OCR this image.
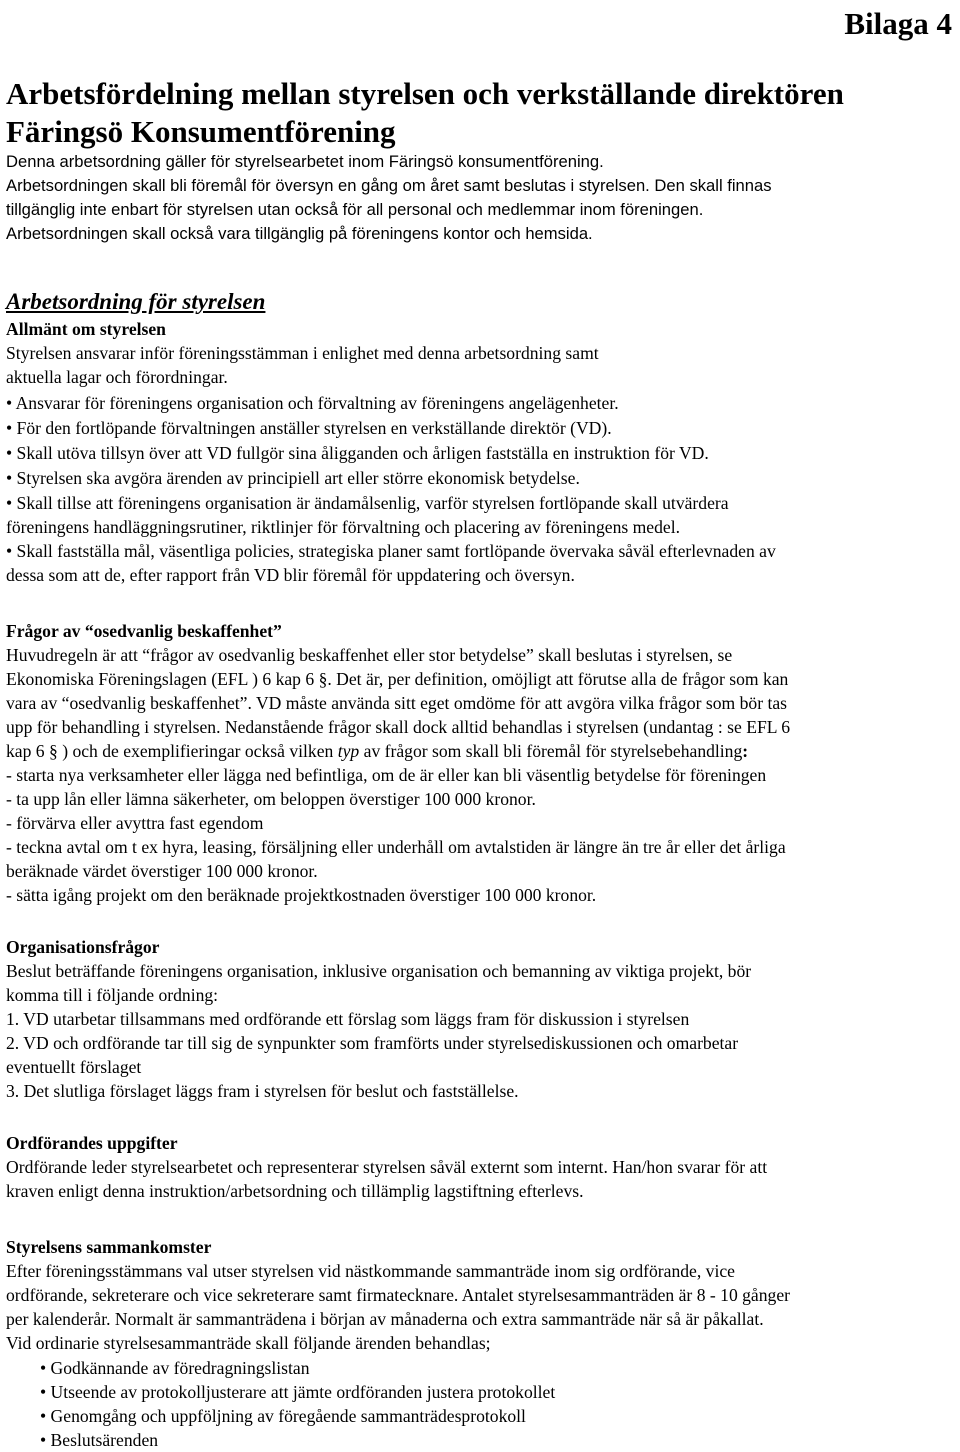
Bilaga 4
Arbetsfördelning mellan styrelsen och verkställande direktören
Färingsö Konsumentförening
Denna arbetsordning gäller för styrelsearbetet inom Färingsö konsumentförening.
Arbetsordningen skall bli föremål för översyn en gång om året samt beslutas i styrelsen. Den skall finnas
tillgänglig inte enbart för styrelsen utan också för all personal och medlemmar inom föreningen.
Arbetsordningen skall också vara tillgänglig på föreningens kontor och hemsida.
Arbetsordning för styrelsen
Allmänt om styrelsen
Styrelsen ansvarar inför föreningsstämman i enlighet med denna arbetsordning samt
aktuella lagar och förordningar.
• Ansvarar för föreningens organisation och förvaltning av föreningens angelägenheter.
• För den fortlöpande förvaltningen anställer styrelsen en verkställande direktör (VD).
• Skall utöva tillsyn över att VD fullgör sina åligganden och årligen fastställa en instruktion för VD.
• Styrelsen ska avgöra ärenden av principiell art eller större ekonomisk betydelse.
• Skall tillse att föreningens organisation är ändamålsenlig, varför styrelsen fortlöpande skall utvärdera
föreningens handläggningsrutiner, riktlinjer för förvaltning och placering av föreningens medel.
• Skall fastställa mål, väsentliga policies, strategiska planer samt fortlöpande övervaka såväl efterlevnaden av
dessa som att de, efter rapport från VD blir föremål för uppdatering och översyn.
Frågor av “osedvanlig beskaffenhet”
Huvudregeln är att “frågor av osedvanlig beskaffenhet eller stor betydelse” skall beslutas i styrelsen, se
Ekonomiska Föreningslagen (EFL ) 6 kap 6 §. Det är, per definition, omöjligt att förutse alla de frågor som kan
vara av “osedvanlig beskaffenhet”. VD måste använda sitt eget omdöme för att avgöra vilka frågor som bör tas
upp för behandling i styrelsen. Nedanstående frågor skall dock alltid behandlas i styrelsen (undantag : se EFL 6
kap 6 § ) och de exemplifieringar också vilken typ av frågor som skall bli föremål för styrelsebehandling:
- starta nya verksamheter eller lägga ned befintliga, om de är eller kan bli väsentlig betydelse för föreningen
- ta upp lån eller lämna säkerheter, om beloppen överstiger 100 000 kronor.
- förvärva eller avyttra fast egendom
- teckna avtal om t ex hyra, leasing, försäljning eller underhåll om avtalstiden är längre än tre år eller det årliga
beräknade värdet överstiger 100 000 kronor.
- sätta igång projekt om den beräknade projektkostnaden överstiger 100 000 kronor.
Organisationsfrågor
Beslut beträffande föreningens organisation, inklusive organisation och bemanning av viktiga projekt, bör
komma till i följande ordning:
1. VD utarbetar tillsammans med ordförande ett förslag som läggs fram för diskussion i styrelsen
2. VD och ordförande tar till sig de synpunkter som framförts under styrelsediskussionen och omarbetar
eventuellt förslaget
3. Det slutliga förslaget läggs fram i styrelsen för beslut och fastställelse.
Ordförandes uppgifter
Ordförande leder styrelsearbetet och representerar styrelsen såväl externt som internt. Han/hon svarar för att
kraven enligt denna instruktion/arbetsordning och tillämplig lagstiftning efterlevs.
Styrelsens sammankomster
Efter föreningsstämmans val utser styrelsen vid nästkommande sammanträde inom sig ordförande, vice
ordförande, sekreterare och vice sekreterare samt firmatecknare. Antalet styrelsesammanträden är 8 - 10 gånger
per kalenderår. Normalt är sammanträdena i början av månaderna och extra sammanträde när så är påkallat.
Vid ordinarie styrelsesammanträde skall följande ärenden behandlas;
• Godkännande av föredragningslistan
• Utseende av protokolljusterare att jämte ordföranden justera protokollet
• Genomgång och uppföljning av föregående sammanträdesprotokoll
• Beslutsärenden
